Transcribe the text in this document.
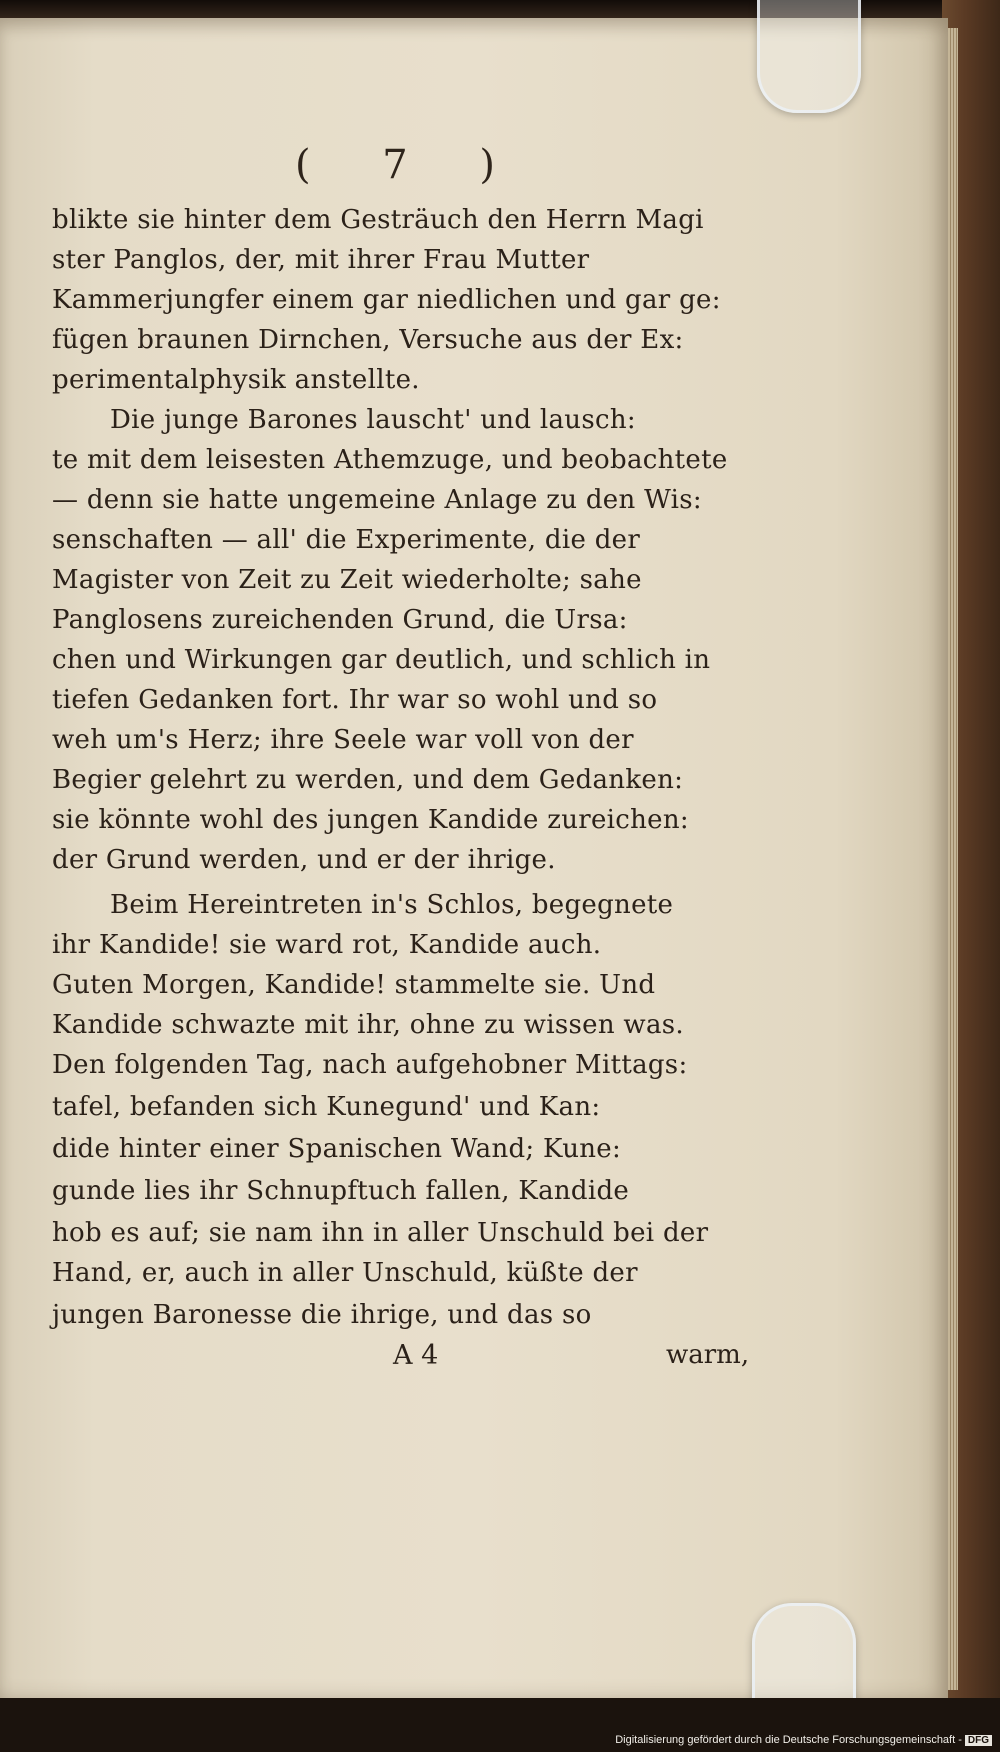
( 7 )
blikte sie hinter dem Gesträuch den Herrn Magi
ster Panglos, der, mit ihrer Frau Mutter
Kammerjungfer einem gar niedlichen und gar ge:
fügen braunen Dirnchen, Versuche aus der Ex:
perimentalphysik anstellte.
Die junge Barones lauscht' und lausch:
te mit dem leisesten Athemzuge, und beobachtete
— denn sie hatte ungemeine Anlage zu den Wis:
senschaften — all' die Experimente, die der
Magister von Zeit zu Zeit wiederholte; sahe
Panglosens zureichenden Grund, die Ursa:
chen und Wirkungen gar deutlich, und schlich in
tiefen Gedanken fort. Ihr war so wohl und so
weh um's Herz; ihre Seele war voll von der
Begier gelehrt zu werden, und dem Gedanken:
sie könnte wohl des jungen Kandide zureichen:
der Grund werden, und er der ihrige.
Beim Hereintreten in's Schlos, begegnete
ihr Kandide! sie ward rot, Kandide auch.
Guten Morgen, Kandide! stammelte sie. Und
Kandide schwazte mit ihr, ohne zu wissen was.
Den folgenden Tag, nach aufgehobner Mittags:
tafel, befanden sich Kunegund' und Kan:
dide hinter einer Spanischen Wand; Kune:
gunde lies ihr Schnupftuch fallen, Kandide
hob es auf; sie nam ihn in aller Unschuld bei der
Hand, er, auch in aller Unschuld, küßte der
jungen Baronesse die ihrige, und das so
A 4	warm,
Digitalisierung gefördert durch die Deutsche Forschungsgemeinschaft - DFG
